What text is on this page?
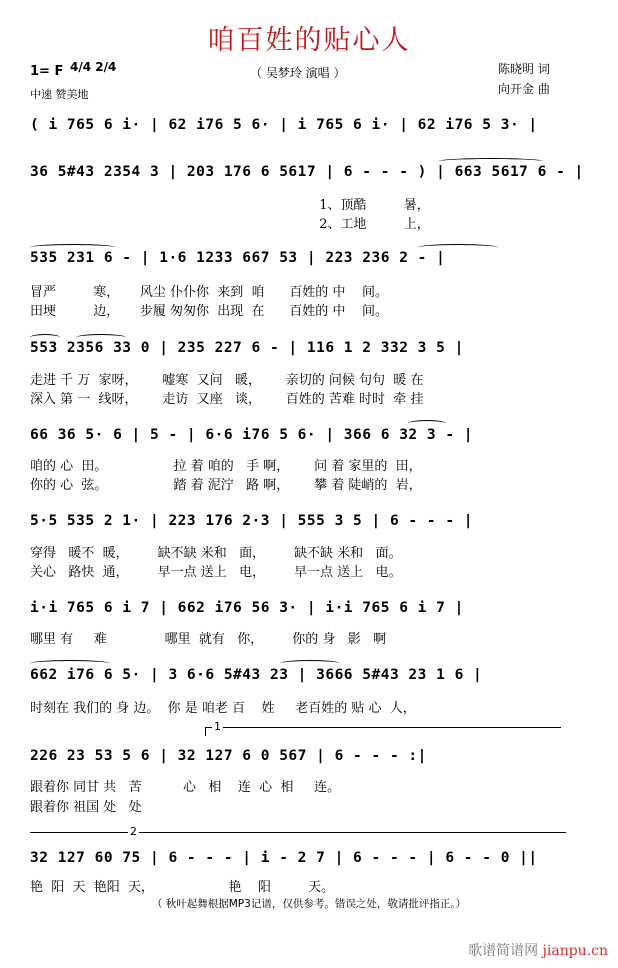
咱百姓的贴心人
1= F 4/4 2/4
中速 赞美地
（ 吴梦玲 演唱 ）	陈晓明 词
向开金 曲
( i 765 6 i· | 62 i76 5 6· | i 765 6 i· | 62 i76 5 3· |
36 5#43 2354 3 | 203 176 6 5617 | 6 - - - ) | 663 5617 6 - |
1、顶酷         暑，
2、工地         上，
535 231 6 - | 1·6 1233 667 53 | 223 236 2 - |
冒严         寒，     风尘 仆仆你  来到  咱      百姓的 中    间。
田埂         边，     步履 匆匆你  出现  在      百姓的 中    间。
553 2356 33 0 | 235 227 6 - | 116 1 2 332 3 5 |
走进 千 万  家呀，      嘘寒  又问   暖，      亲切的 问候 句句  暖 在
深入 第 一  线呀，      走访  又座   谈，      百姓的 苦难 时时  牵 挂
66 36 5· 6 | 5 - | 6·6 i76 5 6· | 366 6 32 3 - |
咱的 心  田。                拉 着 咱的   手 啊，      问 着 家里的  田，
你的 心  弦。                踏 着 泥泞   路 啊，      攀 着 陡峭的  岩，
5·5 535 2 1· | 223 176 2·3 | 555 3 5 | 6 - - - |
穿得   暖不  暖，       缺不缺 米和   面，       缺不缺 米和   面。
关心   路快  通，       早一点 送上   电，       早一点 送上   电。
i·i 765 6 i 7 | 662 i76 56 3· | i·i 765 6 i 7 |
哪里 有     难              哪里  就有   你，       你的 身   影   啊
662 i76 6 5· | 3 6·6 5#43 23 | 3666 5#43 23 1 6 |
时刻在 我们的 身 边。  你 是 咱老 百    姓     老百姓的 贴 心  人，
1
226 23 53 5 6 | 32 127 6 0 567 | 6 - - - :|
跟着你 同甘 共   苦          心   相    连  心  相     连。
跟着你 祖国 处   处
2
32 127 60 75 | 6 - - - | i - 2 7 | 6 - - - | 6 - - 0 ||
艳  阳  天  艳阳  天，                  艳    阳         天。
（ 秋叶起舞根据MP3记谱，仅供参考。错误之处，敬请批评指正。）
歌谱简谱网 jianpu.cn
